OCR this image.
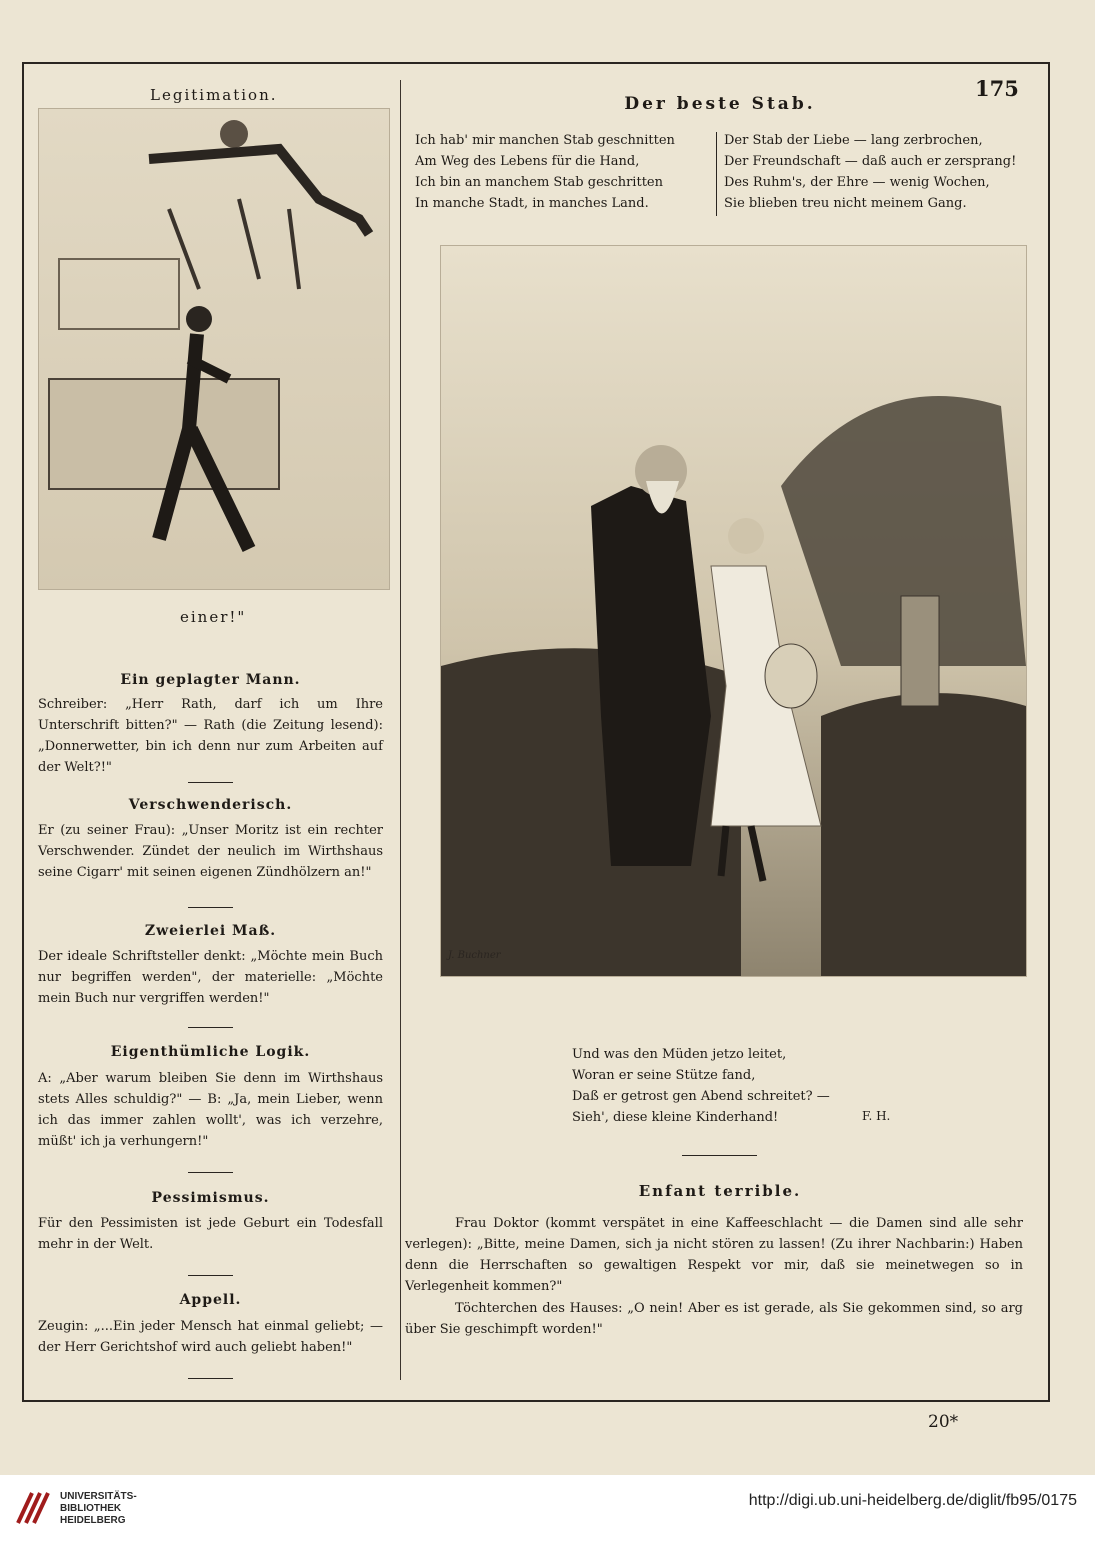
175
Legitimation.
einer!"
Ein geplagter Mann.
Schreiber: „Herr Rath, darf ich um Ihre Unterschrift bitten?" — Rath (die Zeitung lesend): „Donnerwetter, bin ich denn nur zum Arbeiten auf der Welt?!"
Verschwenderisch.
Er (zu seiner Frau): „Unser Moritz ist ein rechter Verschwender. Zündet der neulich im Wirthshaus seine Cigarr' mit seinen eigenen Zündhölzern an!"
Zweierlei Maß.
Der ideale Schriftsteller denkt: „Möchte mein Buch nur begriffen werden", der materielle: „Möchte mein Buch nur vergriffen werden!"
Eigenthümliche Logik.
A: „Aber warum bleiben Sie denn im Wirthshaus stets Alles schuldig?" — B: „Ja, mein Lieber, wenn ich das immer zahlen wollt', was ich verzehre, müßt' ich ja verhungern!"
Pessimismus.
Für den Pessimisten ist jede Geburt ein Todesfall mehr in der Welt.
Appell.
Zeugin: „...Ein jeder Mensch hat einmal geliebt; — der Herr Gerichtshof wird auch geliebt haben!"
Der beste Stab.
Ich hab' mir manchen Stab geschnitten
Am Weg des Lebens für die Hand,
Ich bin an manchem Stab geschritten
In manche Stadt, in manches Land.
Der Stab der Liebe — lang zerbrochen,
Der Freundschaft — daß auch er zersprang!
Des Ruhm's, der Ehre — wenig Wochen,
Sie blieben treu nicht meinem Gang.
J. Buchner
Und was den Müden jetzo leitet,
Woran er seine Stütze fand,
Daß er getrost gen Abend schreitet? —
Sieh', diese kleine Kinderhand!	F. H.
Enfant terrible.
Frau Doktor (kommt verspätet in eine Kaffeeschlacht — die Damen sind alle sehr verlegen): „Bitte, meine Damen, sich ja nicht stören zu lassen! (Zu ihrer Nachbarin:) Haben denn die Herrschaften so gewaltigen Respekt vor mir, daß sie meinetwegen so in Verlegenheit kommen?"
Töchterchen des Hauses: „O nein! Aber es ist gerade, als Sie gekommen sind, so arg über Sie geschimpft worden!"
20*
UNIVERSITÄTS-
BIBLIOTHEK
HEIDELBERG
http://digi.ub.uni-heidelberg.de/diglit/fb95/0175
